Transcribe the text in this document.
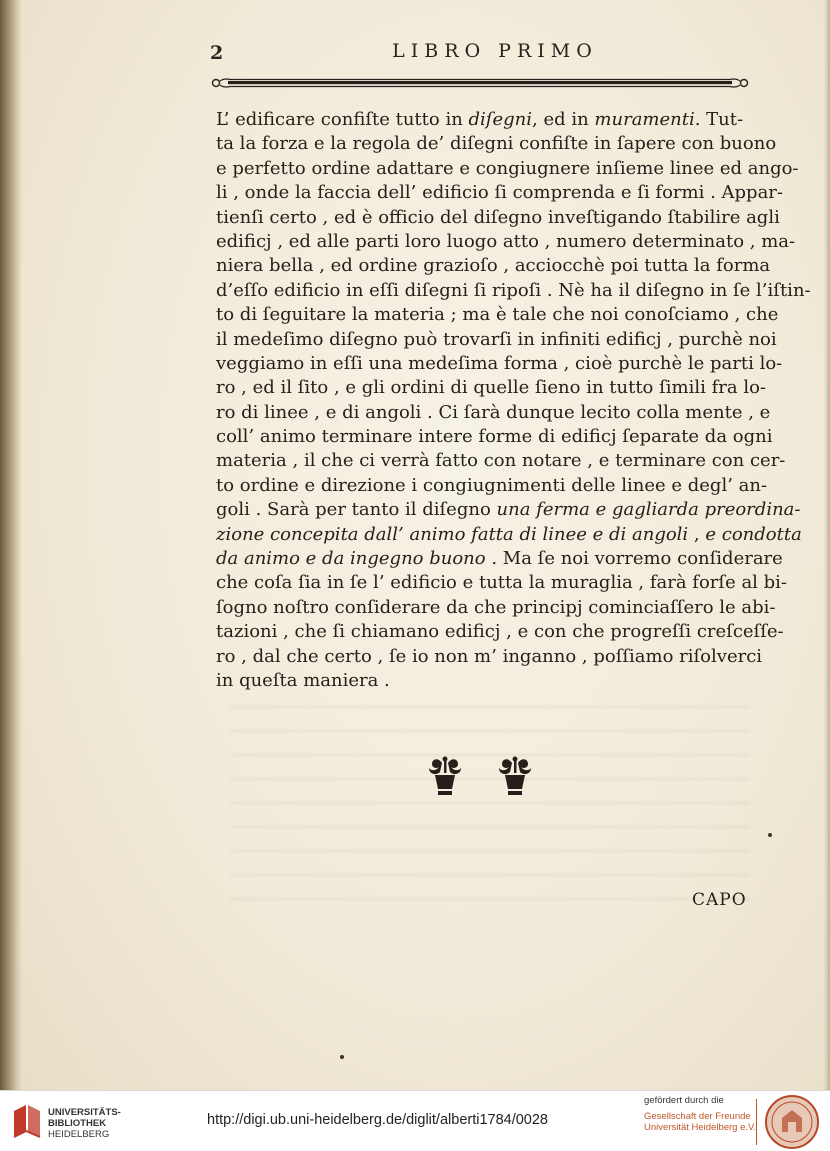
2	LIBRO PRIMO
L’ edificare confiſte tutto in diſegni, ed in muramenti. Tut-
ta la forza e la regola de’ diſegni confiſte in ſapere con buono
e perfetto ordine adattare e congiugnere inſieme linee ed ango-
li , onde la faccia dell’ edificio ſi comprenda e ſi formi . Appar-
tienſi certo , ed è officio del diſegno inveſtigando ſtabilire agli
edificj , ed alle parti loro luogo atto , numero determinato , ma-
niera bella , ed ordine grazioſo , acciocchè poi tutta la forma
d’eſſo edificio in eſſi diſegni ſi ripoſi . Nè ha il diſegno in ſe l’iſtin-
to di ſeguitare la materia ; ma è tale che noi conoſciamo , che
il medeſimo diſegno può trovarſi in infiniti edificj , purchè noi
veggiamo in eſſi una medeſima forma , cioè purchè le parti lo-
ro , ed il ſito , e gli ordini di quelle ſieno in tutto ſimili fra lo-
ro di linee , e di angoli . Ci ſarà dunque lecito colla mente , e
coll’ animo terminare intere forme di edificj ſeparate da ogni
materia , il che ci verrà fatto con notare , e terminare con cer-
to ordine e direzione i congiugnimenti delle linee e degl’ an-
goli . Sarà per tanto il diſegno una ferma e gagliarda preordina-
zione concepita dall’ animo fatta di linee e di angoli , e condotta
da animo e da ingegno buono . Ma ſe noi vorremo conſiderare
che coſa ſia in ſe l’ edificio e tutta la muraglia , farà forſe al bi-
ſogno noſtro conſiderare da che principj cominciaſſero le abi-
tazioni , che ſi chiamano edificj , e con che progreſſi creſceſſe-
ro , dal che certo , ſe io non m’ inganno , poſſiamo riſolverci
in queſta maniera .
CAPO
UNIVERSITÄTS-
BIBLIOTHEK
HEIDELBERG
http://digi.ub.uni-heidelberg.de/diglit/alberti1784/0028
gefördert durch die
Gesellschaft der Freunde
Universität Heidelberg e.V.
